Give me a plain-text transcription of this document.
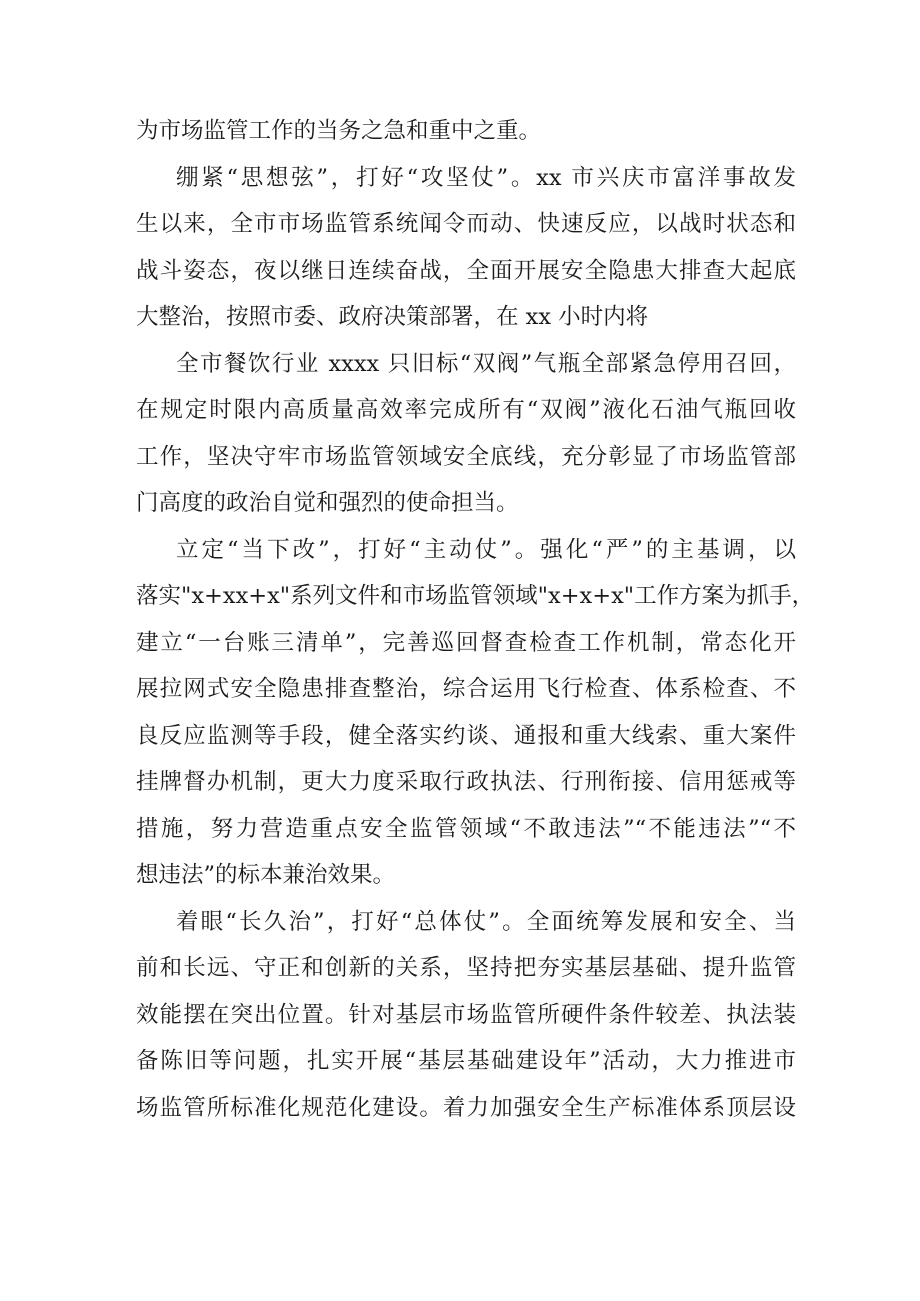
为市场监管工作的当务之急和重中之重。
绷紧“思想弦”，打好“攻坚仗”。xx 市兴庆市富洋事故发
生以来，全市市场监管系统闻令而动、快速反应，以战时状态和
战斗姿态，夜以继日连续奋战，全面开展安全隐患大排查大起底
大整治，按照市委、政府决策部署，在 xx 小时内将
全市餐饮行业 xxxx 只旧标“双阀”气瓶全部紧急停用召回，
在规定时限内高质量高效率完成所有“双阀”液化石油气瓶回收
工作，坚决守牢市场监管领域安全底线，充分彰显了市场监管部
门高度的政治自觉和强烈的使命担当。
立定“当下改”，打好“主动仗”。强化“严”的主基调，以
落实"x+xx+x"系列文件和市场监管领域"x+x+x"工作方案为抓手，
建立“一台账三清单”，完善巡回督查检查工作机制，常态化开
展拉网式安全隐患排查整治，综合运用飞行检查、体系检查、不
良反应监测等手段，健全落实约谈、通报和重大线索、重大案件
挂牌督办机制，更大力度采取行政执法、行刑衔接、信用惩戒等
措施，努力营造重点安全监管领域“不敢违法”“不能违法”“不
想违法”的标本兼治效果。
着眼“长久治”，打好“总体仗”。全面统筹发展和安全、当
前和长远、守正和创新的关系，坚持把夯实基层基础、提升监管
效能摆在突出位置。针对基层市场监管所硬件条件较差、执法装
备陈旧等问题，扎实开展“基层基础建设年”活动，大力推进市
场监管所标准化规范化建设。着力加强安全生产标准体系顶层设
